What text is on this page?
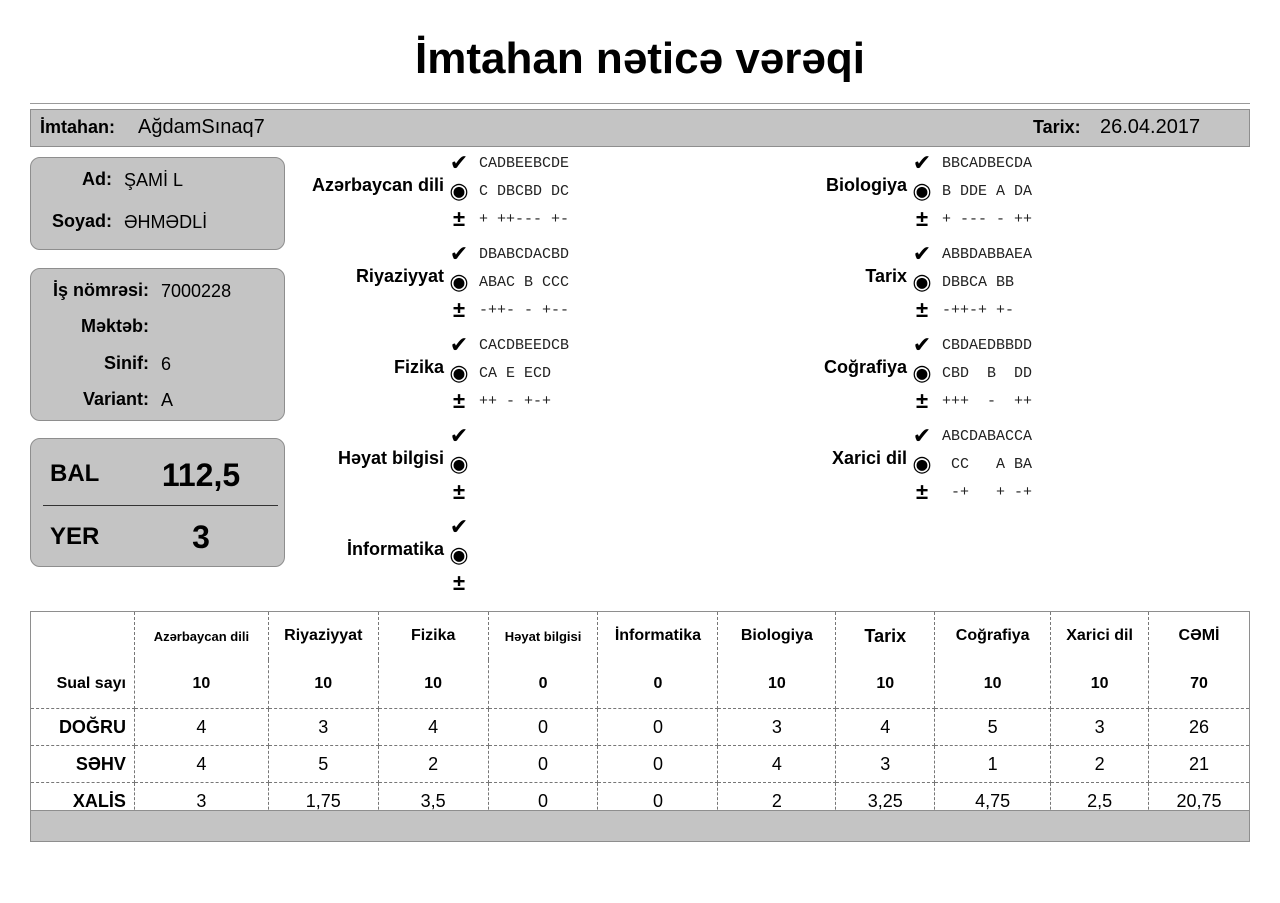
İmtahan nəticə vərəqi
İmtahan: AğdamSınaq7	Tarix: 26.04.2017
Ad: ŞAMİ L
Soyad: ƏHMƏDLİ
İş nömrəsi: 7000228
Məktəb:
Sinif: 6
Variant: A
BAL	112,5
YER	3
Azərbaycan dili
✔
◉
±
CADBEEBCDE
C DBCBD DC
+ ++--- +-
Riyaziyyat
✔
◉
±
DBABCDACBD
ABAC B CCC
-++- - +--
Fizika
✔
◉
±
CACDBEEDCB
CA E ECD
++ - +-+
Həyat bilgisi
✔
◉
±
İnformatika
✔
◉
±
Biologiya
✔
◉
±
BBCADBECDA
B DDE A DA
+ --- - ++
Tarix
✔
◉
±
ABBDABBAEA
DBBCA BB
-++-+ +-
Coğrafiya
✔
◉
±
CBDAEDBBDD
CBD  B  DD
+++  -  ++
Xarici dil
✔
◉
±
ABCDABACCA
CC   A BA
-+   + -+
	Azərbaycan dili	Riyaziyyat	Fizika	Həyat bilgisi	İnformatika	Biologiya	Tarix	Coğrafiya	Xarici dil	CƏMİ
Sual sayı	10	10	10	0	0	10	10	10	10	70
DOĞRU	4	3	4	0	0	3	4	5	3	26
SƏHV	4	5	2	0	0	4	3	1	2	21
XALİS	3	1,75	3,5	0	0	2	3,25	4,75	2,5	20,75
